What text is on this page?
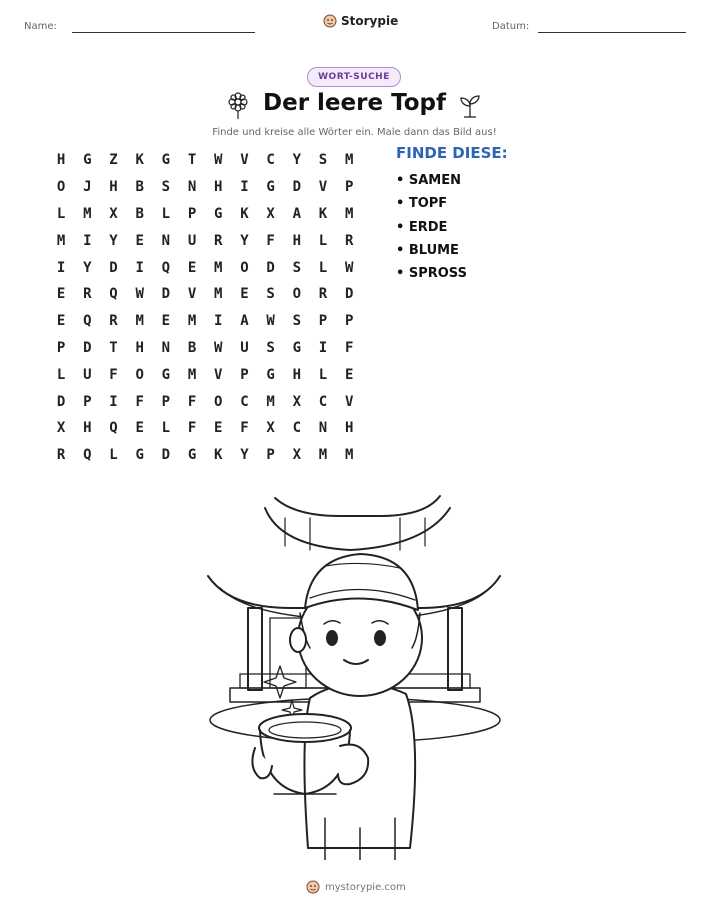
Name:	Storypie	Datum:
WORT-SUCHE
Der leere Topf
Finde und kreise alle Wörter ein. Male dann das Bild aus!
H	G	Z	K	G	T	W	V	C	Y	S	M
O	J	H	B	S	N	H	I	G	D	V	P
L	M	X	B	L	P	G	K	X	A	K	M
M	I	Y	E	N	U	R	Y	F	H	L	R
I	Y	D	I	Q	E	M	O	D	S	L	W
E	R	Q	W	D	V	M	E	S	O	R	D
E	Q	R	M	E	M	I	A	W	S	P	P
P	D	T	H	N	B	W	U	S	G	I	F
L	U	F	O	G	M	V	P	G	H	L	E
D	P	I	F	P	F	O	C	M	X	C	V
X	H	Q	E	L	F	E	F	X	C	N	H
R	Q	L	G	D	G	K	Y	P	X	M	M
FINDE DIESE:
• SAMEN
• TOPF
• ERDE
• BLUME
• SPROSS
mystorypie.com
